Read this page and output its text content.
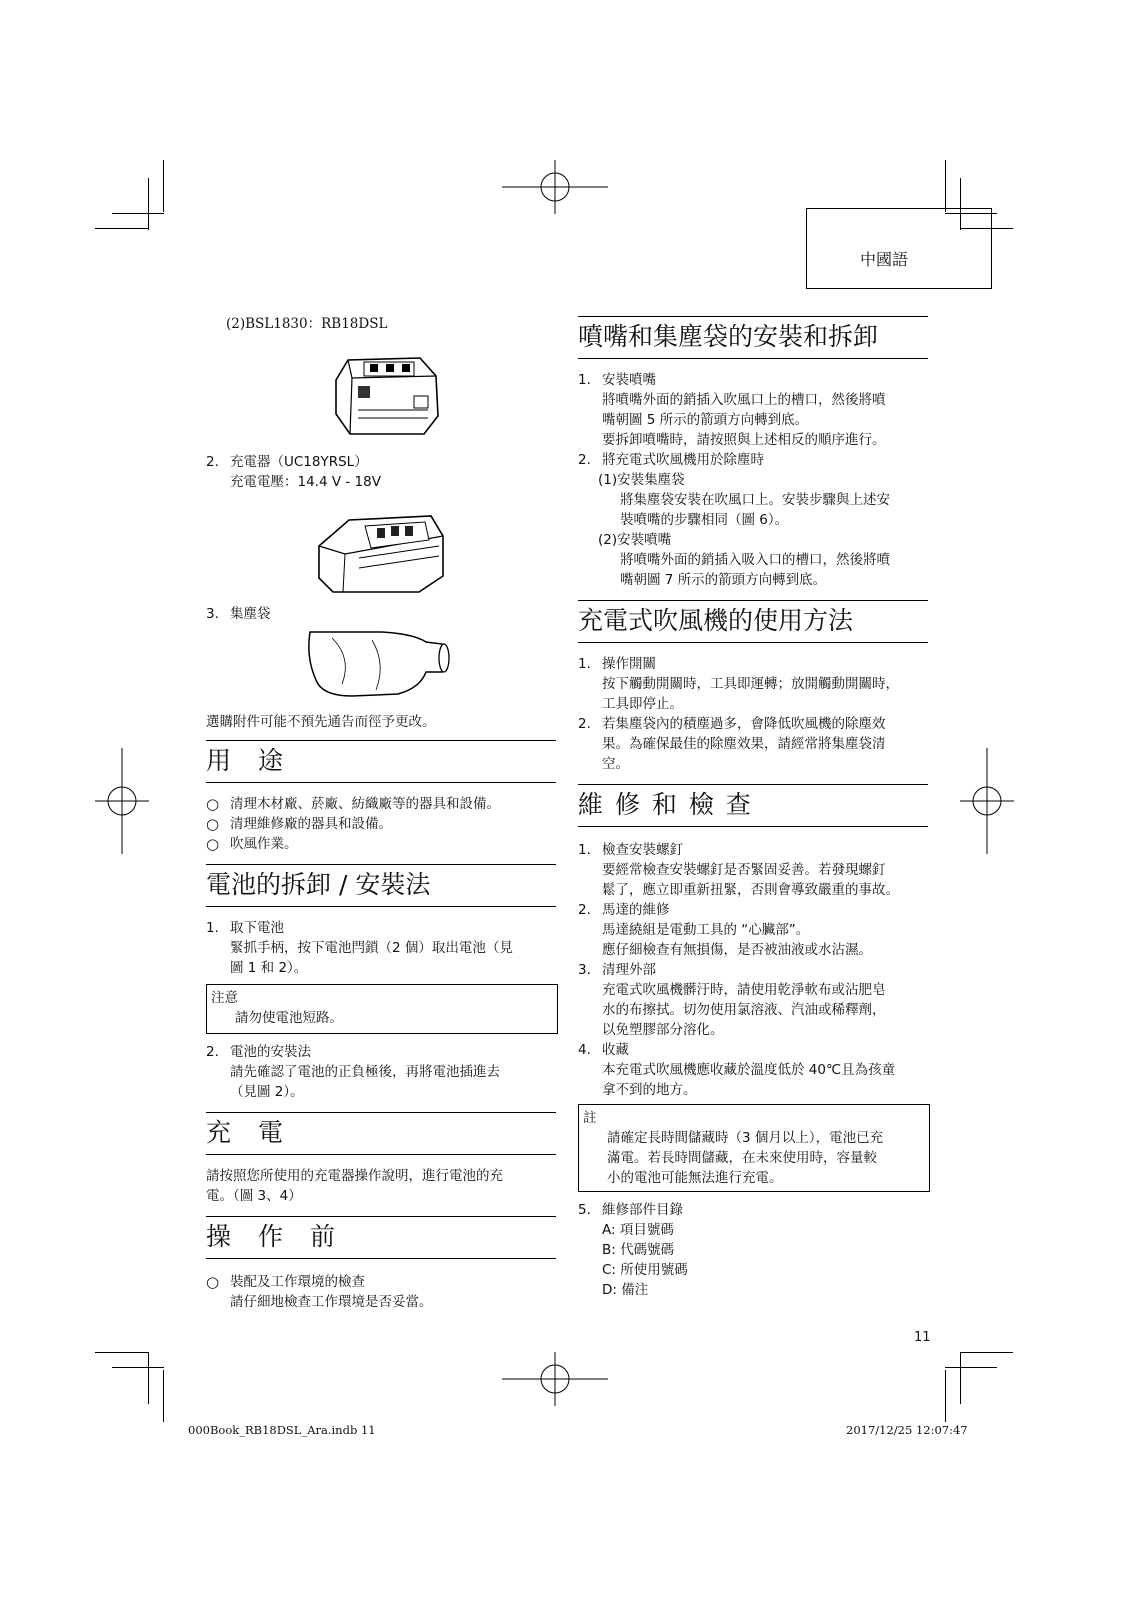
中國語
(2)BSL1830：RB18DSL
2. 充電器（UC18YRSL）
充電電壓：14.4 V - 18V
3. 集塵袋
選購附件可能不預先通告而徑予更改。
用　途
○ 清理木材廠、菸廠、紡織廠等的器具和設備。
○ 清理維修廠的器具和設備。
○ 吹風作業。
電池的拆卸 / 安裝法
1. 取下電池
緊抓手柄，按下電池閂鎖（2 個）取出電池（見
圖 1 和 2）。
注意
請勿使電池短路。
2. 電池的安裝法
請先確認了電池的正負極後，再將電池插進去
（見圖 2）。
充　電
請按照您所使用的充電器操作說明，進行電池的充
電。（圖 3、4）
操　作　前
○ 裝配及工作環境的檢查
請仔細地檢查工作環境是否妥當。
噴嘴和集塵袋的安裝和拆卸
1. 安裝噴嘴
將噴嘴外面的銷插入吹風口上的槽口，然後將噴
嘴朝圖 5 所示的箭頭方向轉到底。
要拆卸噴嘴時，請按照與上述相反的順序進行。
2. 將充電式吹風機用於除塵時
(1)安裝集塵袋
將集塵袋安裝在吹風口上。安裝步驟與上述安
裝噴嘴的步驟相同（圖 6）。
(2)安裝噴嘴
將噴嘴外面的銷插入吸入口的槽口，然後將噴
嘴朝圖 7 所示的箭頭方向轉到底。
充電式吹風機的使用方法
1. 操作開關
按下觸動開關時，工具即運轉；放開觸動開關時，
工具即停止。
2. 若集塵袋內的積塵過多，會降低吹風機的除塵效
果。為確保最佳的除塵效果，請經常將集塵袋清
空。
維 修 和 檢 查
1. 檢查安裝螺釘
要經常檢查安裝螺釘是否緊固妥善。若發現螺釘
鬆了，應立即重新扭緊，否則會導致嚴重的事故。
2. 馬達的維修
馬達繞組是電動工具的 “心臟部”。
應仔細檢查有無損傷，是否被油液或水沾濕。
3. 清理外部
充電式吹風機髒汙時，請使用乾淨軟布或沾肥皂
水的布擦拭。切勿使用氯溶液、汽油或稀釋劑，
以免塑膠部分溶化。
4. 收藏
本充電式吹風機應收藏於溫度低於 40℃且為孩童
拿不到的地方。
註
請確定長時間儲藏時（3 個月以上），電池已充
滿電。若長時間儲藏，在未來使用時，容量較
小的電池可能無法進行充電。
5. 維修部件目錄
A: 項目號碼
B: 代碼號碼
C: 所使用號碼
D: 備注
11
000Book_RB18DSL_Ara.indb 11	2017/12/25 12:07:47
